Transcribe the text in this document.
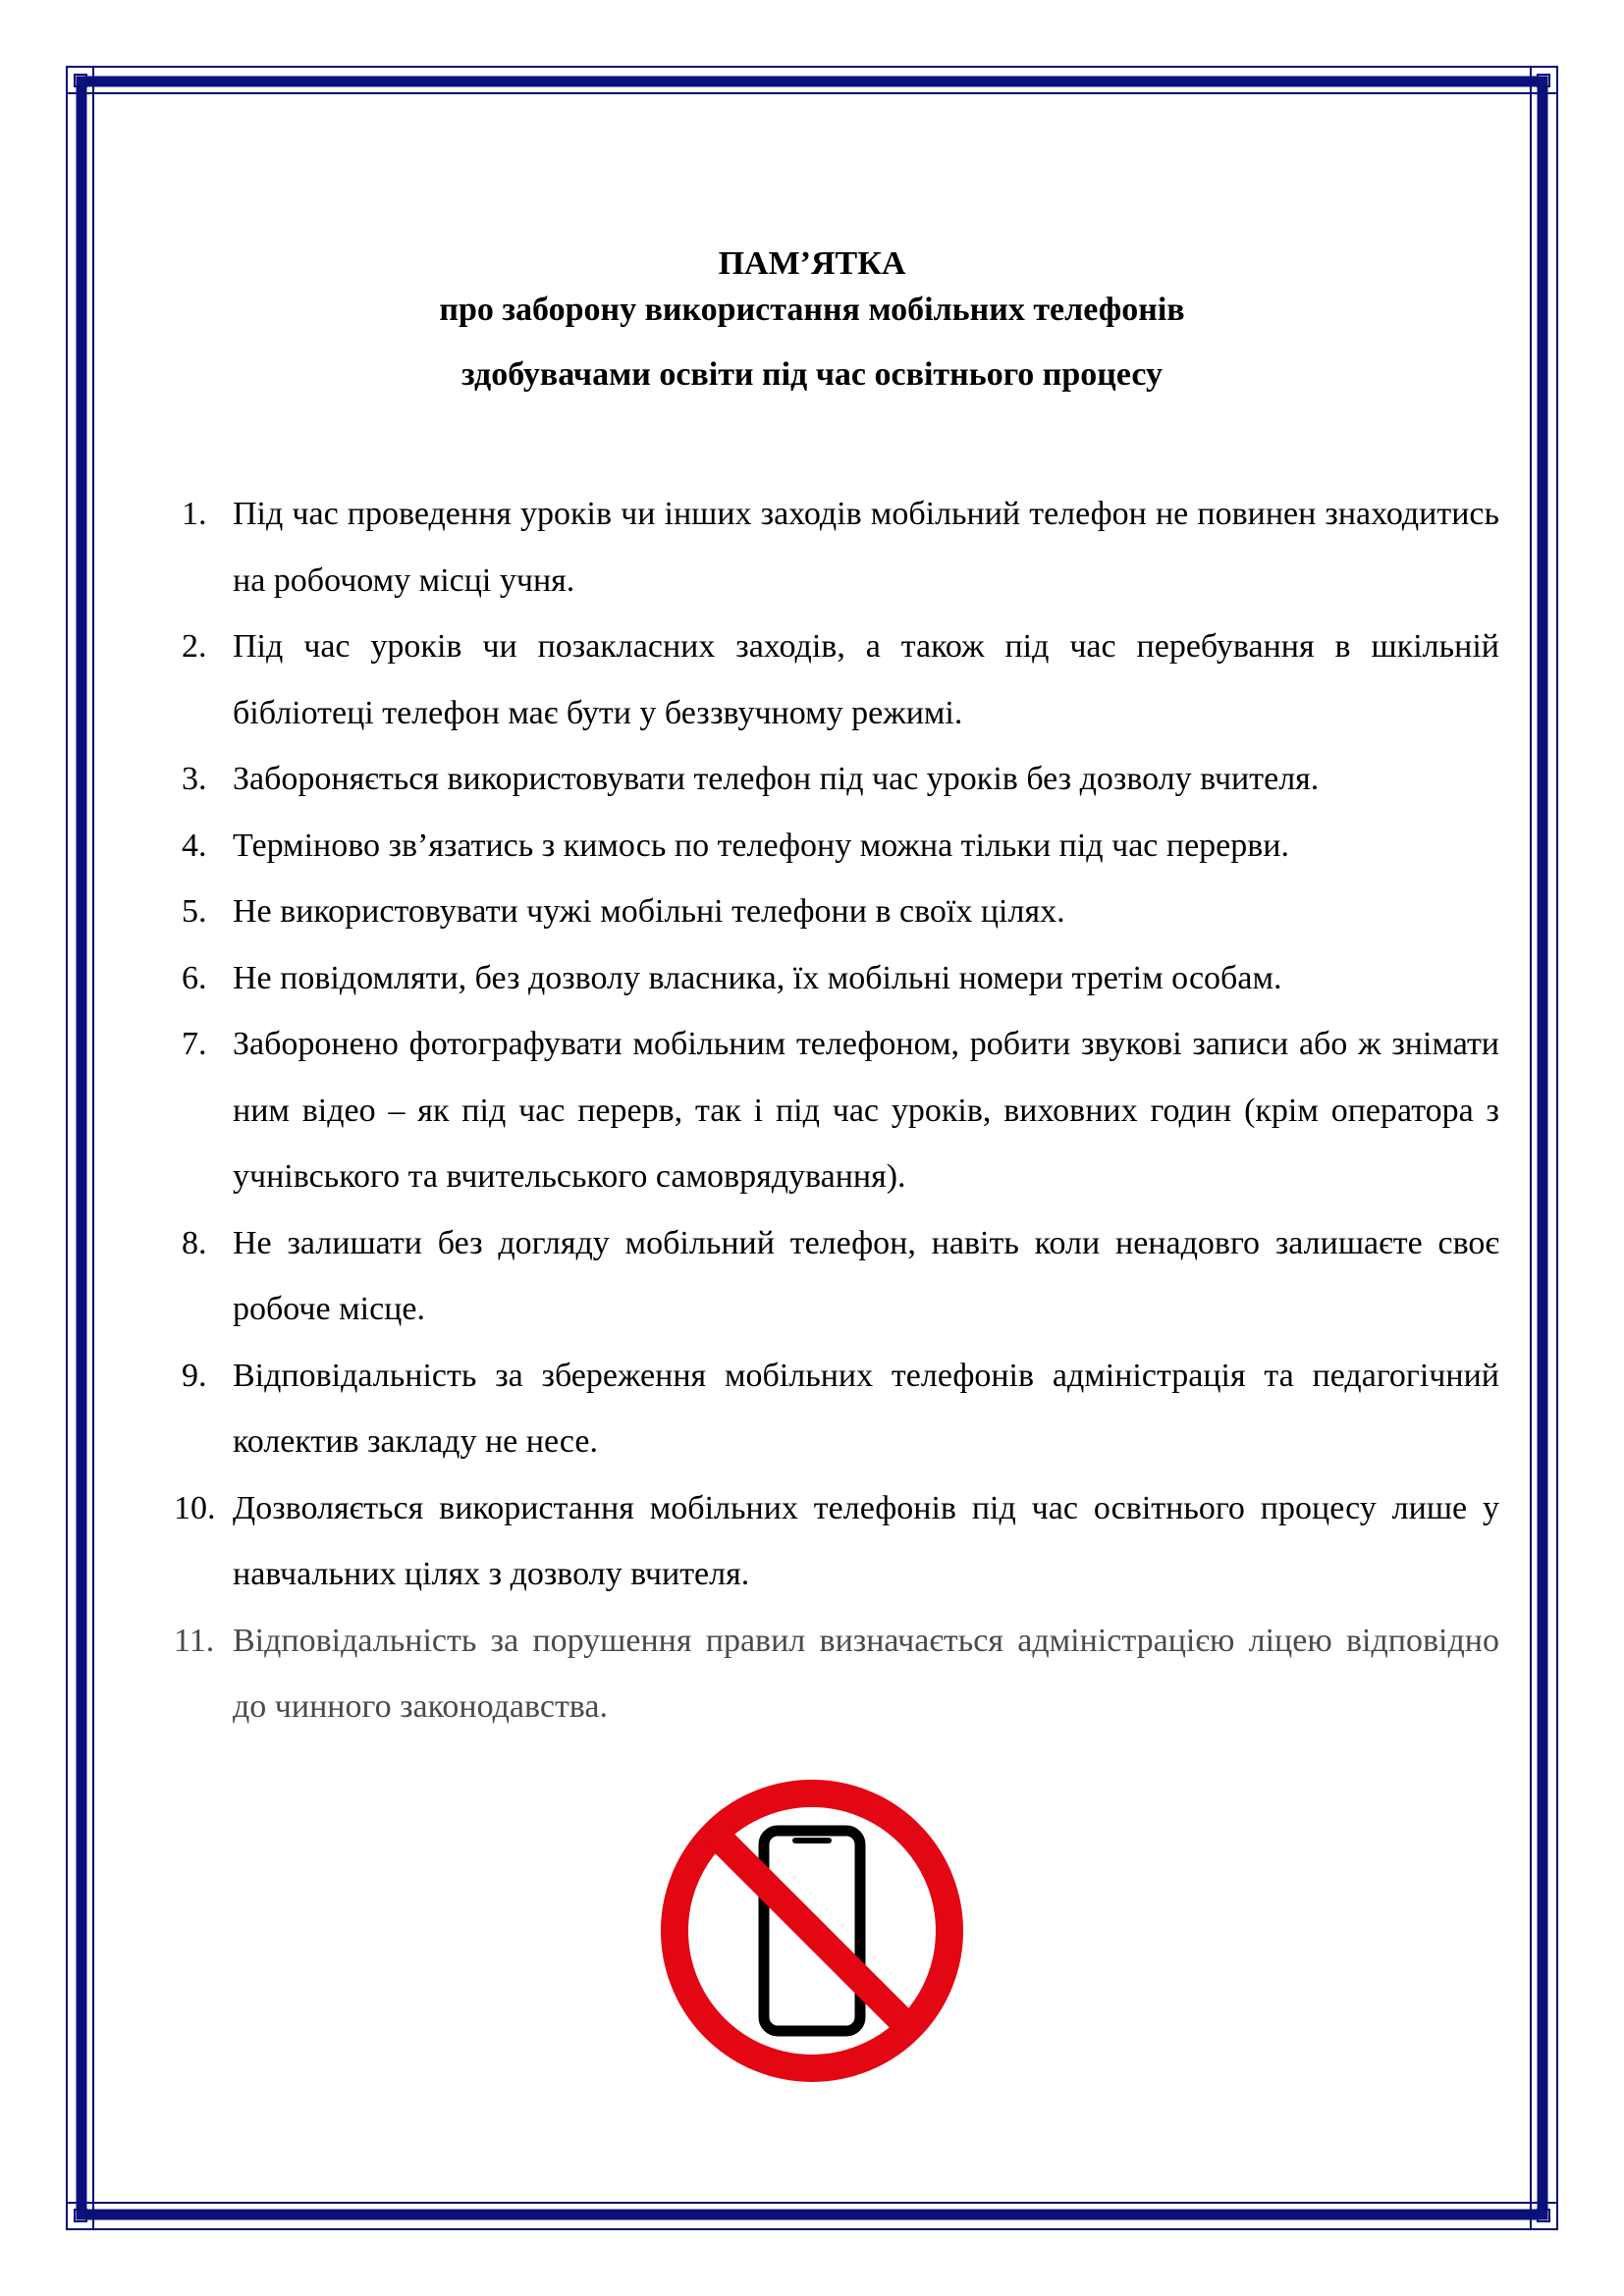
ПАМ’ЯТКА
про заборону використання мобільних телефонів
здобувачами освіти під час освітнього процесу
1. Під час проведення уроків чи інших заходів мобільний телефон не повинен знаходитись на робочому місці учня.
2. Під час уроків чи позакласних заходів, а також під час перебування в шкільній бібліотеці телефон має бути у беззвучному режимі.
3. Забороняється використовувати телефон під час уроків без дозволу вчителя.
4. Терміново зв’язатись з кимось по телефону можна тільки під час перерви.
5. Не використовувати чужі мобільні телефони в своїх цілях.
6. Не повідомляти, без дозволу власника, їх мобільні номери третім особам.
7. Заборонено фотографувати мобільним телефоном, робити звукові записи або ж знімати ним відео – як під час перерв, так і під час уроків, виховних годин (крім оператора з учнівського та вчительського самоврядування).
8. Не залишати без догляду мобільний телефон, навіть коли ненадовго залишаєте своє робоче місце.
9. Відповідальність за збереження мобільних телефонів адміністрація та педагогічний колектив закладу не несе.
10. Дозволяється використання мобільних телефонів під час освітнього процесу лише у навчальних цілях з дозволу вчителя.
11. Відповідальність за порушення правил визначається адміністрацією ліцею відповідно до чинного законодавства.
